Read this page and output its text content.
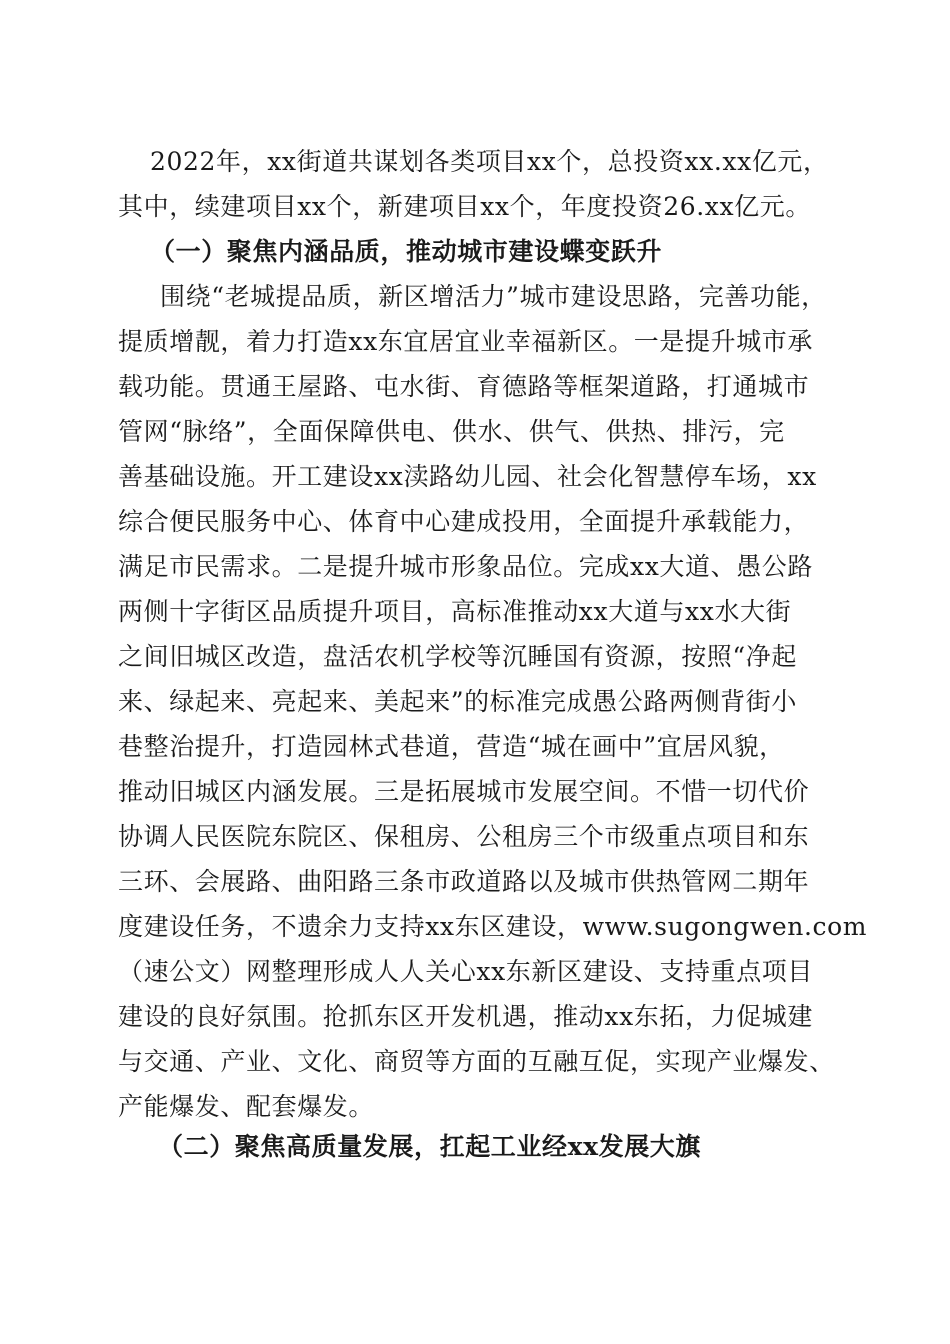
2022年，xx街道共谋划各类项目xx个，总投资xx.xx亿元，
其中，续建项目xx个，新建项目xx个，年度投资26.xx亿元。
（一）聚焦内涵品质，推动城市建设蝶变跃升
围绕“老城提品质，新区增活力”城市建设思路，完善功能，
提质增靓，着力打造xx东宜居宜业幸福新区。一是提升城市承
载功能。贯通王屋路、屯水街、育德路等框架道路，打通城市
管网“脉络”，全面保障供电、供水、供气、供热、排污，完
善基础设施。开工建设xx渎路幼儿园、社会化智慧停车场，xx
综合便民服务中心、体育中心建成投用，全面提升承载能力，
满足市民需求。二是提升城市形象品位。完成xx大道、愚公路
两侧十字街区品质提升项目，高标准推动xx大道与xx水大街
之间旧城区改造，盘活农机学校等沉睡国有资源，按照“净起
来、绿起来、亮起来、美起来”的标准完成愚公路两侧背街小
巷整治提升，打造园林式巷道，营造“城在画中”宜居风貌，
推动旧城区内涵发展。三是拓展城市发展空间。不惜一切代价
协调人民医院东院区、保租房、公租房三个市级重点项目和东
三环、会展路、曲阳路三条市政道路以及城市供热管网二期年
度建设任务，不遗余力支持xx东区建设，www.sugongwen.com
（速公文）网整理形成人人关心xx东新区建设、支持重点项目
建设的良好氛围。抢抓东区开发机遇，推动xx东拓，力促城建
与交通、产业、文化、商贸等方面的互融互促，实现产业爆发、
产能爆发、配套爆发。
（二）聚焦高质量发展，扛起工业经xx发展大旗
